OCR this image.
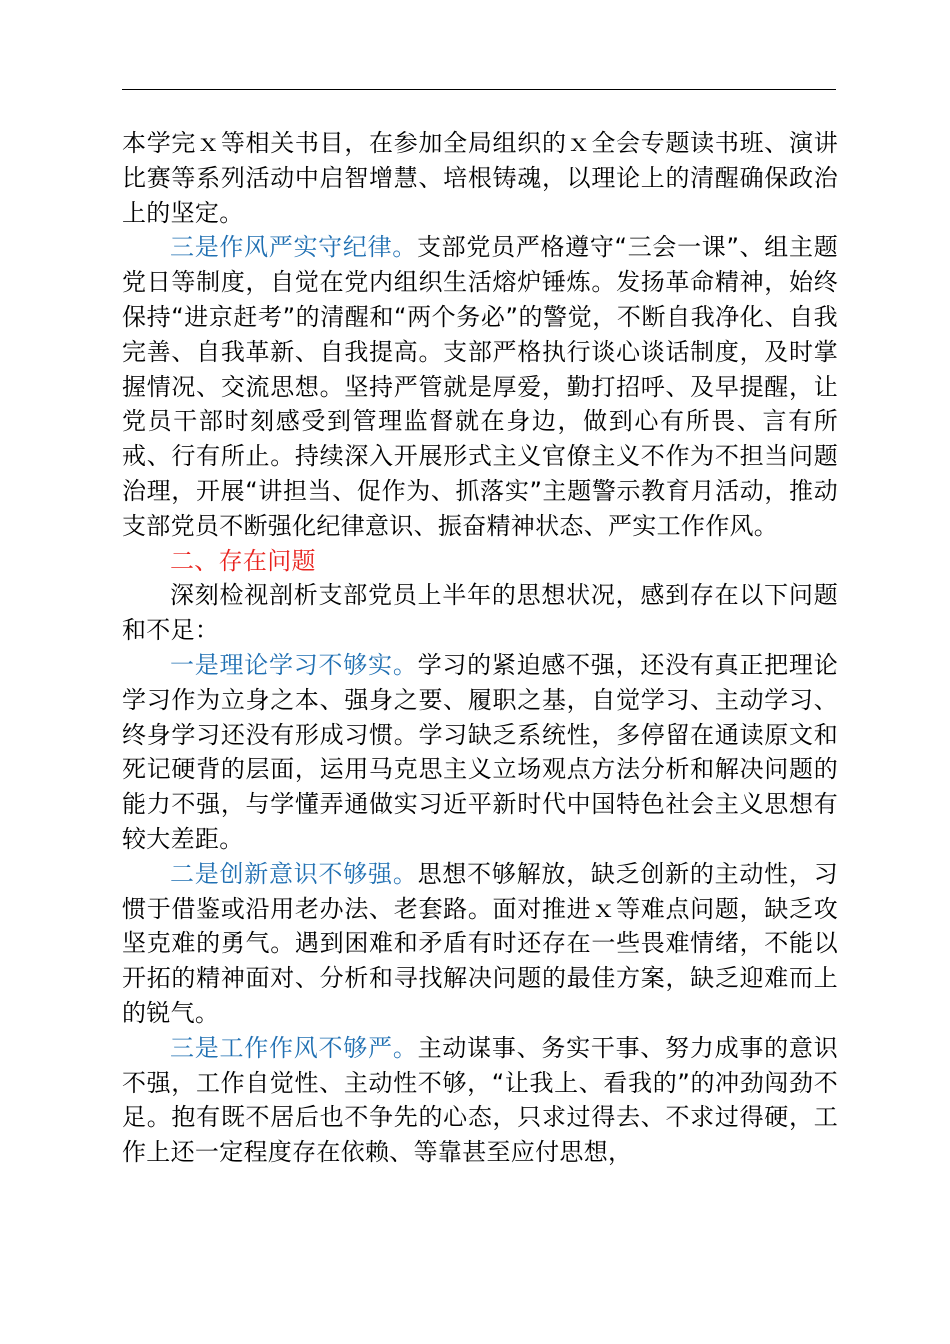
本学完ｘ等相关书目，在参加全局组织的ｘ全会专题读书班、演讲比赛等系列活动中启智增慧、培根铸魂，以理论上的清醒确保政治上的坚定。

三是作风严实守纪律。支部党员严格遵守“三会一课”、组主题党日等制度，自觉在党内组织生活熔炉锤炼。发扬革命精神，始终保持“进京赶考”的清醒和“两个务必”的警觉，不断自我净化、自我完善、自我革新、自我提高。支部严格执行谈心谈话制度，及时掌握情况、交流思想。坚持严管就是厚爱，勤打招呼、及早提醒，让党员干部时刻感受到管理监督就在身边，做到心有所畏、言有所戒、行有所止。持续深入开展形式主义官僚主义不作为不担当问题治理，开展“讲担当、促作为、抓落实”主题警示教育月活动，推动支部党员不断强化纪律意识、振奋精神状态、严实工作作风。

二、存在问题

深刻检视剖析支部党员上半年的思想状况，感到存在以下问题和不足：

一是理论学习不够实。学习的紧迫感不强，还没有真正把理论学习作为立身之本、强身之要、履职之基，自觉学习、主动学习、终身学习还没有形成习惯。学习缺乏系统性，多停留在通读原文和死记硬背的层面，运用马克思主义立场观点方法分析和解决问题的能力不强，与学懂弄通做实习近平新时代中国特色社会主义思想有较大差距。

二是创新意识不够强。思想不够解放，缺乏创新的主动性，习惯于借鉴或沿用老办法、老套路。面对推进ｘ等难点问题，缺乏攻坚克难的勇气。遇到困难和矛盾有时还存在一些畏难情绪，不能以开拓的精神面对、分析和寻找解决问题的最佳方案，缺乏迎难而上的锐气。

三是工作作风不够严。主动谋事、务实干事、努力成事的意识不强，工作自觉性、主动性不够，“让我上、看我的”的冲劲闯劲不足。抱有既不居后也不争先的心态，只求过得去、不求过得硬，工作上还一定程度存在依赖、等靠甚至应付思想，
